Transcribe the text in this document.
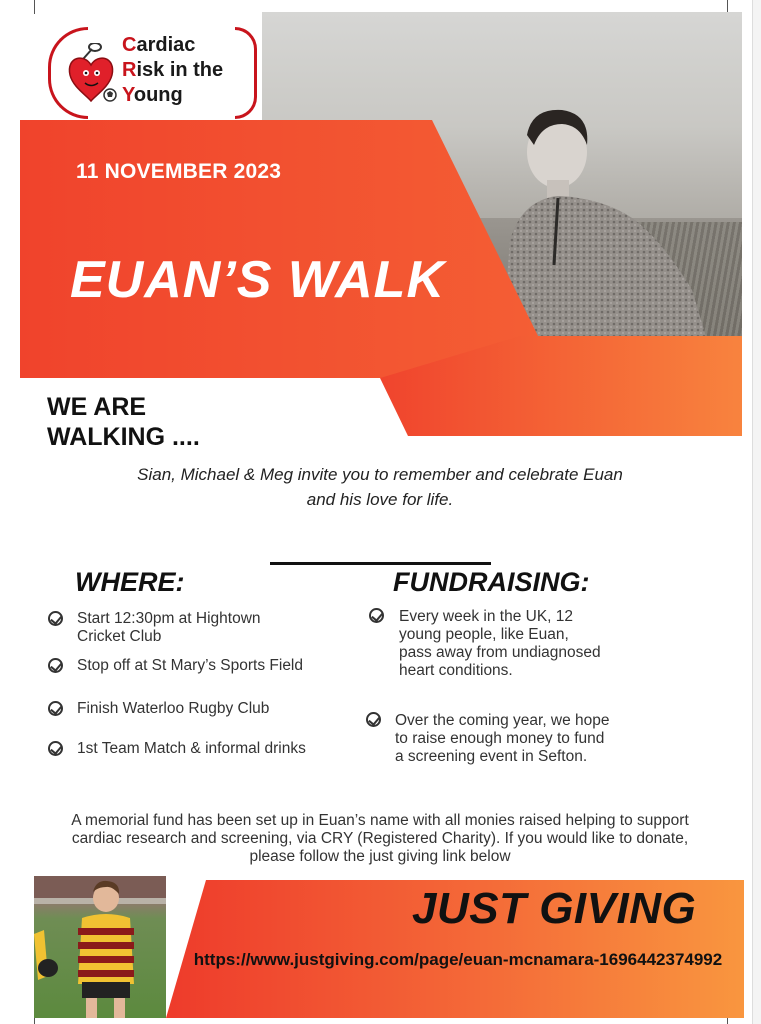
Cardiac
Risk in the
Young
11 NOVEMBER 2023
EUAN’S WALK
WE ARE
WALKING ....
Sian, Michael & Meg invite you to remember and celebrate Euan
and his love for life.
WHERE:
Start 12:30pm at Hightown Cricket Club
Stop off at St Mary’s Sports Field
Finish Waterloo Rugby Club
1st Team Match & informal drinks
FUNDRAISING:
Every week in the UK, 12 young people, like Euan, pass away from undiagnosed heart conditions.
Over the coming year, we hope to raise enough money to fund a screening event in Sefton.
A memorial fund has been set up in Euan’s name with all monies raised helping to support cardiac research and screening, via CRY (Registered Charity). If you would like to donate, please follow the just giving link below
JUST GIVING
https://www.justgiving.com/page/euan-mcnamara-1696442374992
